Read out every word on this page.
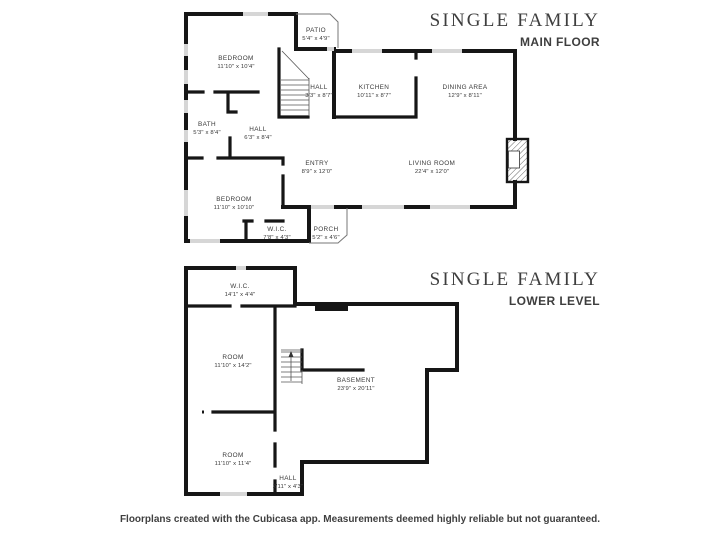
BEDROOM
11'10" x 10'4"
PATIO
5'4" x 4'9"
HALL
3'3" x 8'7"
KITCHEN
10'11" x 8'7"
DINING AREA
12'9" x 8'11"
BATH
5'3" x 8'4"	HALL
6'3" x 8'4"
ENTRY
8'9" x 12'0"
LIVING ROOM
22'4" x 12'0"
BEDROOM
11'10" x 10'10"
W.I.C.
7'8" x 4'3"
PORCH
5'2" x 4'6"
W.I.C.
14'1" x 4'4"
ROOM
11'10" x 14'2"
BASEMENT
23'9" x 20'11"
ROOM
11'10" x 11'4"
HALL
2'11" x 4'3"
SINGLE FAMILY
MAIN FLOOR
SINGLE FAMILY
LOWER LEVEL
Floorplans created with the Cubicasa app. Measurements deemed highly reliable but not guaranteed.
